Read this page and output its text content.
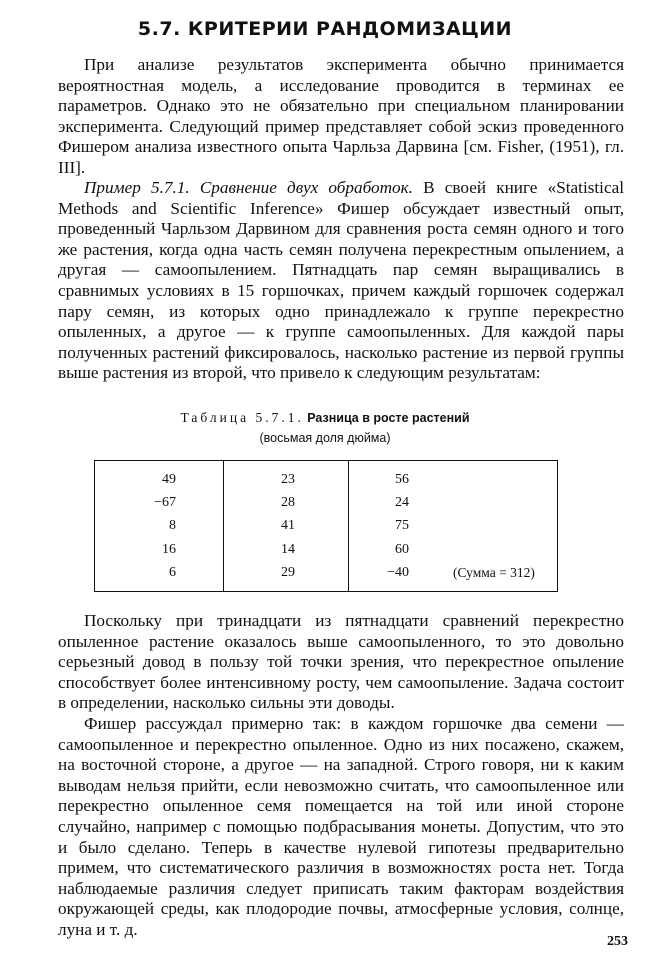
5.7. КРИТЕРИИ РАНДОМИЗАЦИИ

При анализе результатов эксперимента обычно принимается вероятностная модель, а исследование проводится в терминах ее параметров. Однако это не обязательно при специальном планировании эксперимента. Следующий пример представляет собой эскиз проведенного Фишером анализа известного опыта Чарльза Дарвина [см. Fisher, (1951), гл. III].

Пример 5.7.1. Сравнение двух обработок. В своей книге «Statistical Methods and Scientific Inference» Фишер обсуждает известный опыт, проведенный Чарльзом Дарвином для сравнения роста семян одного и того же растения, когда одна часть семян получена перекрестным опылением, а другая — самоопылением. Пятнадцать пар семян выращивались в сравнимых условиях в 15 горшочках, причем каждый горшочек содержал пару семян, из которых одно принадлежало к группе перекрестно опыленных, а другое — к группе самоопыленных. Для каждой пары полученных растений фиксировалось, насколько растение из первой группы выше растения из второй, что привело к следующим результатам:

Таблица 5.7.1. Разница в росте растений
(восьмая доля дюйма)
49	23	56
−67	28	24
8	41	75
16	14	60
6	29	−40	(Сумма = 312)

Поскольку при тринадцати из пятнадцати сравнений перекрестно опыленное растение оказалось выше самоопыленного, то это довольно серьезный довод в пользу той точки зрения, что перекрестное опыление способствует более интенсивному росту, чем самоопыление. Задача состоит в определении, насколько сильны эти доводы.

Фишер рассуждал примерно так: в каждом горшочке два семени — самоопыленное и перекрестно опыленное. Одно из них посажено, скажем, на восточной стороне, а другое — на западной. Строго говоря, ни к каким выводам нельзя прийти, если невозможно считать, что самоопыленное или перекрестно опыленное семя помещается на той или иной стороне случайно, например с помощью подбрасывания монеты. Допустим, что это и было сделано. Теперь в качестве нулевой гипотезы предварительно примем, что систематического различия в возможностях роста нет. Тогда наблюдаемые различия следует приписать таким факторам воздействия окружающей среды, как плодородие почвы, атмосферные условия, солнце, луна и т. д.

253
